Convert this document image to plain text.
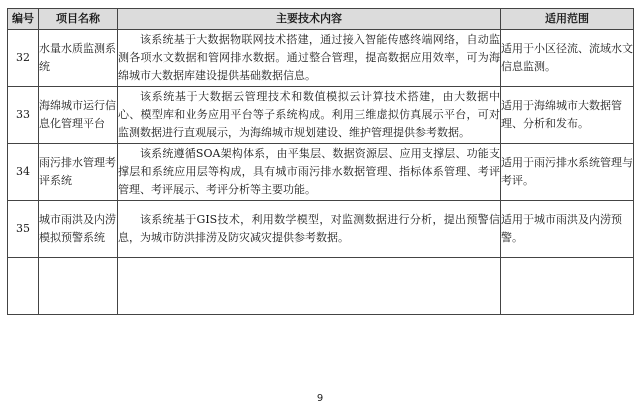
编号	项目名称	主要技术内容	适用范围
32	水量水质监测系统	该系统基于大数据物联网技术搭建，通过接入智能传感终端网络，自动监测各项水文数据和管网排水数据。通过整合管理，提高数据应用效率，可为海绵城市大数据库建设提供基础数据信息。	适用于小区径流、流域水文信息监测。
33	海绵城市运行信息化管理平台	该系统基于大数据云管理技术和数值模拟云计算技术搭建，由大数据中心、模型库和业务应用平台等子系统构成。利用三维虚拟仿真展示平台，可对监测数据进行直观展示，为海绵城市规划建设、维护管理提供参考数据。	适用于海绵城市大数据管理、分析和发布。
34	雨污排水管理考评系统	该系统遵循SOA架构体系，由平集层、数据资源层、应用支撑层、功能支撑层和系统应用层等构成，具有城市雨污排水数据管理、指标体系管理、考评管理、考评展示、考评分析等主要功能。	适用于雨污排水系统管理与考评。
35	城市雨洪及内涝模拟预警系统	该系统基于GIS技术，利用数学模型，对监测数据进行分析，提出预警信息，为城市防洪排涝及防灾减灾提供参考数据。	适用于城市雨洪及内涝预警。

9
